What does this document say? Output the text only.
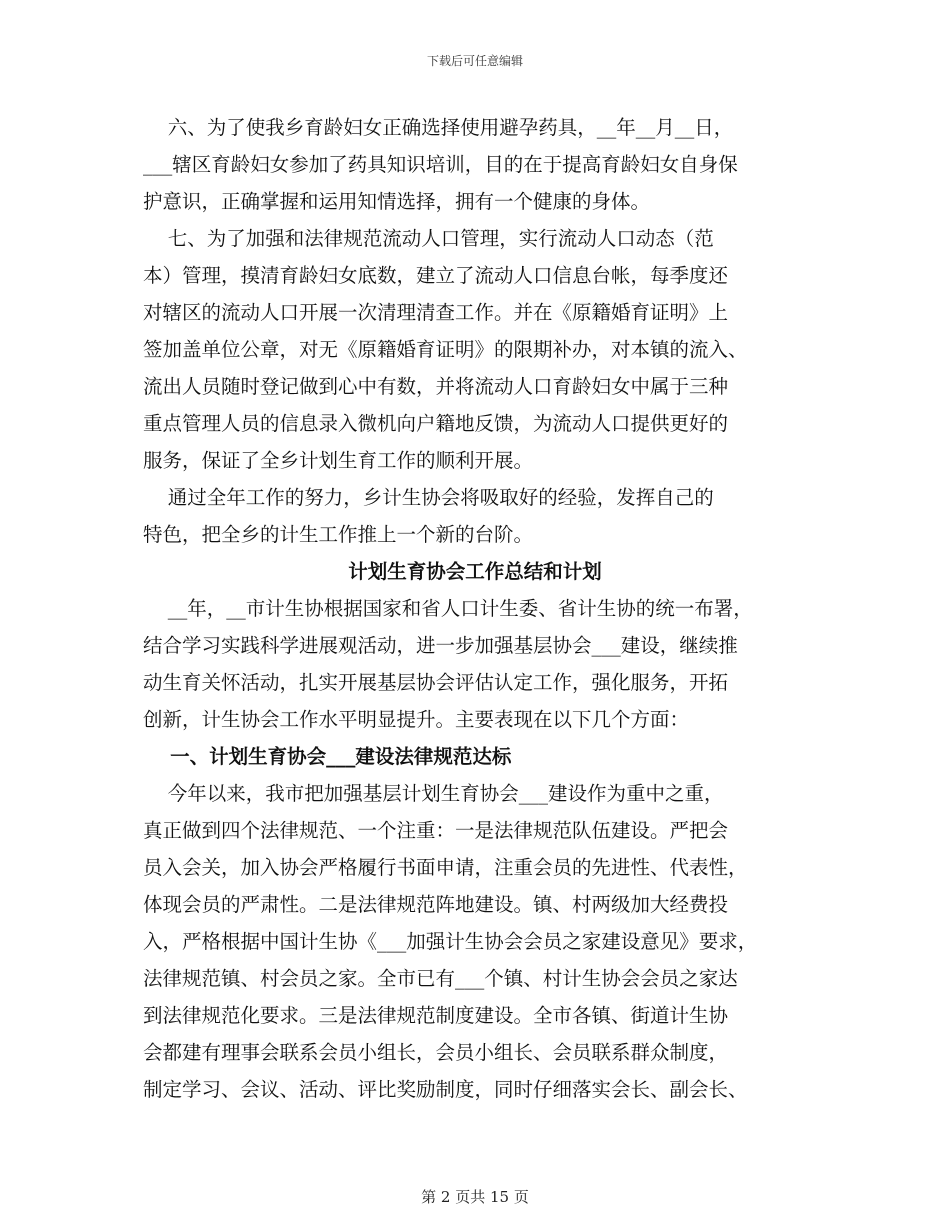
下载后可任意编辑
六、为了使我乡育龄妇女正确选择使用避孕药具，__年__月__日，
___辖区育龄妇女参加了药具知识培训，目的在于提高育龄妇女自身保
护意识，正确掌握和运用知情选择，拥有一个健康的身体。
七、为了加强和法律规范流动人口管理，实行流动人口动态（范
本）管理，摸清育龄妇女底数，建立了流动人口信息台帐，每季度还
对辖区的流动人口开展一次清理清查工作。并在《原籍婚育证明》上
签加盖单位公章，对无《原籍婚育证明》的限期补办，对本镇的流入、
流出人员随时登记做到心中有数，并将流动人口育龄妇女中属于三种
重点管理人员的信息录入微机向户籍地反馈，为流动人口提供更好的
服务，保证了全乡计划生育工作的顺利开展。
通过全年工作的努力，乡计生协会将吸取好的经验，发挥自己的
特色，把全乡的计生工作推上一个新的台阶。
计划生育协会工作总结和计划
__年，__市计生协根据国家和省人口计生委、省计生协的统一布署，
结合学习实践科学进展观活动，进一步加强基层协会___建设，继续推
动生育关怀活动，扎实开展基层协会评估认定工作，强化服务，开拓
创新，计生协会工作水平明显提升。主要表现在以下几个方面：
一、计划生育协会___建设法律规范达标
今年以来，我市把加强基层计划生育协会___建设作为重中之重，
真正做到四个法律规范、一个注重：一是法律规范队伍建设。严把会
员入会关，加入协会严格履行书面申请，注重会员的先进性、代表性，
体现会员的严肃性。二是法律规范阵地建设。镇、村两级加大经费投
入，严格根据中国计生协《___加强计生协会会员之家建设意见》要求，
法律规范镇、村会员之家。全市已有___个镇、村计生协会会员之家达
到法律规范化要求。三是法律规范制度建设。全市各镇、街道计生协
会都建有理事会联系会员小组长，会员小组长、会员联系群众制度，
制定学习、会议、活动、评比奖励制度，同时仔细落实会长、副会长、
第 2 页共 15 页
